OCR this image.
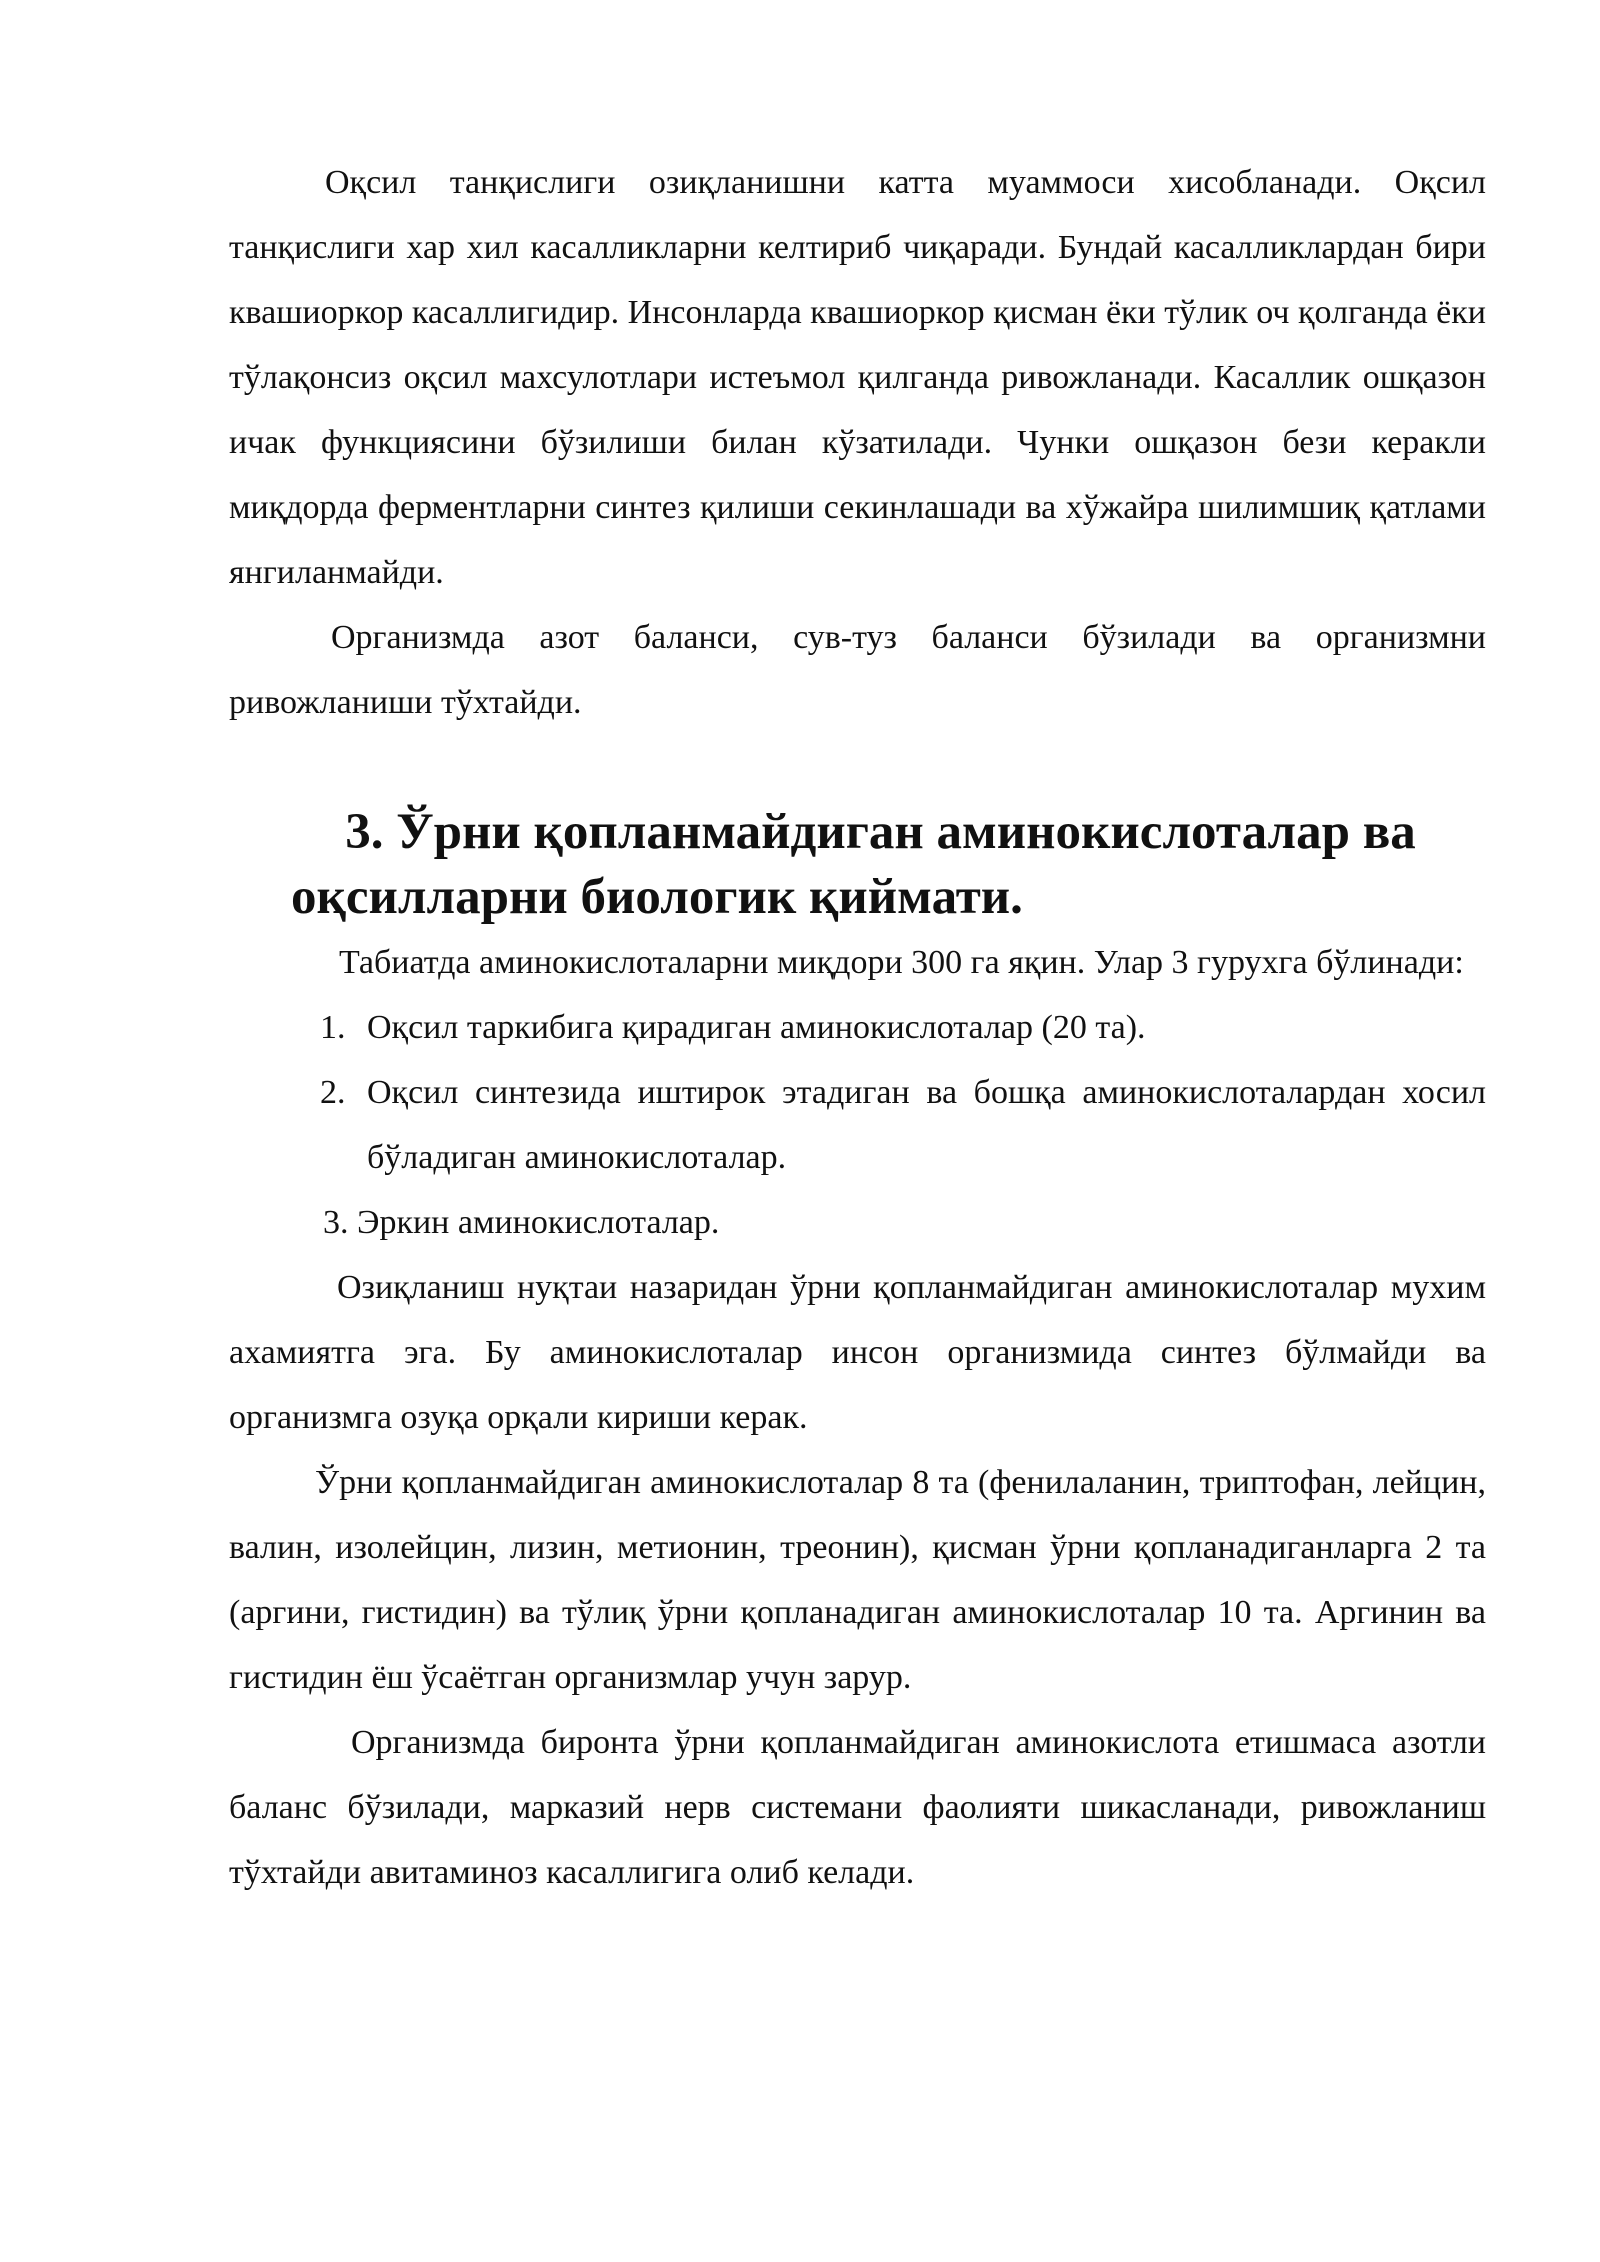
Оқсил танқислиги озиқланишни катта муаммоси хисобланади. Оқсил танқислиги хар хил касалликларни келтириб чиқаради. Бундай касалликлардан бири квашиоркор касаллигидир. Инсонларда квашиоркор қисман ёки тўлик оч қолганда ёки тўлақонсиз оқсил махсулотлари истеъмол қилганда ривожланади. Касаллик ошқазон ичак функциясини бўзилиши билан кўзатилади. Чунки ошқазон бези керакли миқдорда ферментларни синтез қилиши секинлашади ва хўжайра шилимшиқ қатлами янгиланмайди.

Организмда азот баланси, сув-туз баланси бўзилади ва организмни ривожланиши тўхтайди.

3. Ўрни қопланмайдиган аминокислоталар ва оқсилларни биологик қиймати.

Табиатда аминокислоталарни миқдори 300 га яқин. Улар 3 гурухга бўлинади:

1. Оқсил таркибига қирадиган аминокислоталар (20 та).
2. Оқсил синтезида иштирок этадиган ва бошқа аминокислоталардан хосил бўладиган аминокислоталар.
3. Эркин аминокислоталар.

Озиқланиш нуқтаи назаридан ўрни қопланмайдиган аминокислоталар мухим ахамиятга эга. Бу аминокислоталар инсон организмида синтез бўлмайди ва организмга озуқа орқали кириши керак.

Ўрни қопланмайдиган аминокислоталар 8 та (фенилаланин, триптофан, лейцин, валин, изолейцин, лизин, метионин, треонин), қисман ўрни қопланадиганларга 2 та (аргини, гистидин) ва тўлиқ ўрни қопланадиган аминокислоталар 10 та. Аргинин ва гистидин ёш ўсаётган организмлар учун зарур.

Организмда биронта ўрни қопланмайдиган аминокислота етишмаса азотли баланс бўзилади, марказий нерв системани фаолияти шикасланади, ривожланиш тўхтайди авитаминоз касаллигига олиб келади.
